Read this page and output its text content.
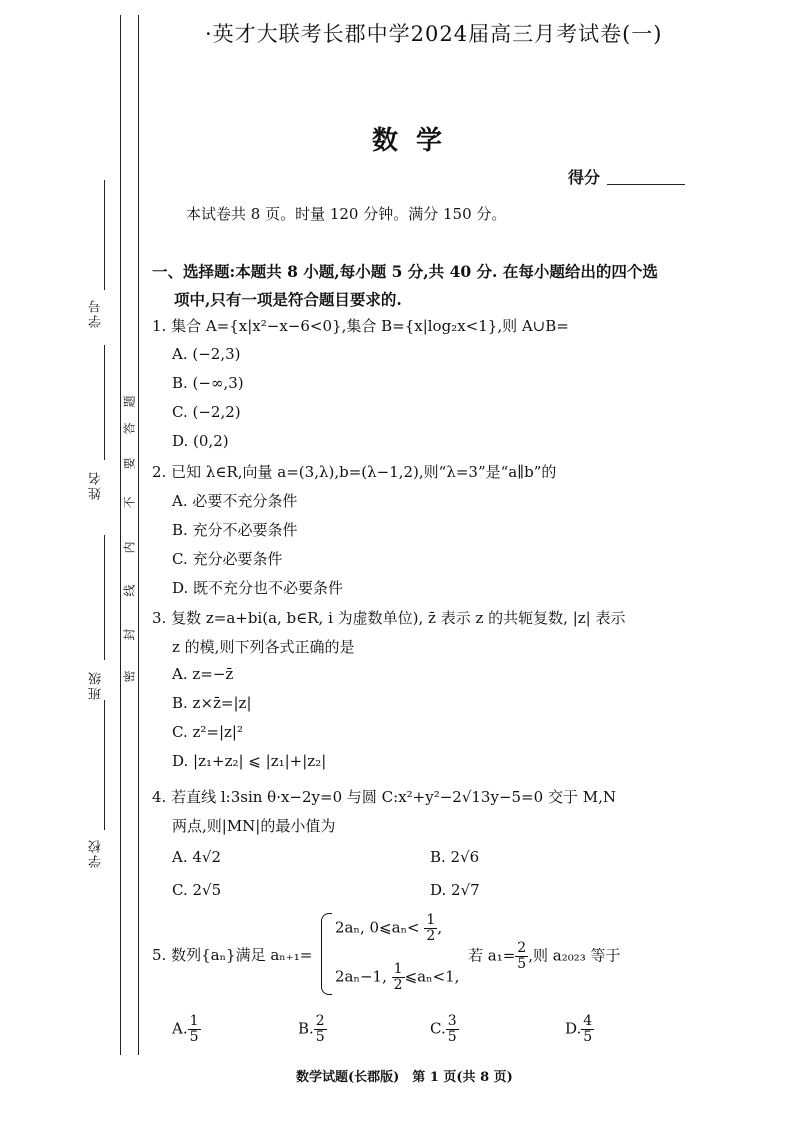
学号
姓名
班级
学校
题
答
要
不
内
线
封
密
·英才大联考长郡中学2024届高三月考试卷(一)
数学
得分
本试卷共 8 页。时量 120 分钟。满分 150 分。
一、选择题:本题共 8 小题,每小题 5 分,共 40 分. 在每小题给出的四个选
项中,只有一项是符合题目要求的.
1. 集合 A={x|x²−x−6<0},集合 B={x|log₂x<1},则 A∪B=
A. (−2,3)
B. (−∞,3)
C. (−2,2)
D. (0,2)
2. 已知 λ∈R,向量 a=(3,λ),b=(λ−1,2),则“λ=3”是“a∥b”的
A. 必要不充分条件
B. 充分不必要条件
C. 充分必要条件
D. 既不充分也不必要条件
3. 复数 z=a+bi(a, b∈R, i 为虚数单位), z̄ 表示 z 的共轭复数, |z| 表示
z 的模,则下列各式正确的是
A. z=−z̄
B. z×z̄=|z|
C. z²=|z|²
D. |z₁+z₂| ⩽ |z₁|+|z₂|
4. 若直线 l:3sin θ·x−2y=0 与圆 C:x²+y²−2√13y−5=0 交于 M,N
两点,则|MN|的最小值为
A. 4√2	B. 2√6
C. 2√5	D. 2√7
5. 数列{aₙ}满足 aₙ₊₁=
2aₙ, 0⩽aₙ< $\frac{1}{2}$ ,
2aₙ−1, $\frac{1}{2}$ ⩽aₙ<1,
若 $a_1= \frac{2}{5}$ ,则 a₂₀₂₃ 等于
A. $\frac{1}{5}$	B. $\frac{2}{5}$	C. $\frac{3}{5}$	D. $\frac{4}{5}$
数学试题(长郡版)　第 1 页(共 8 页)
